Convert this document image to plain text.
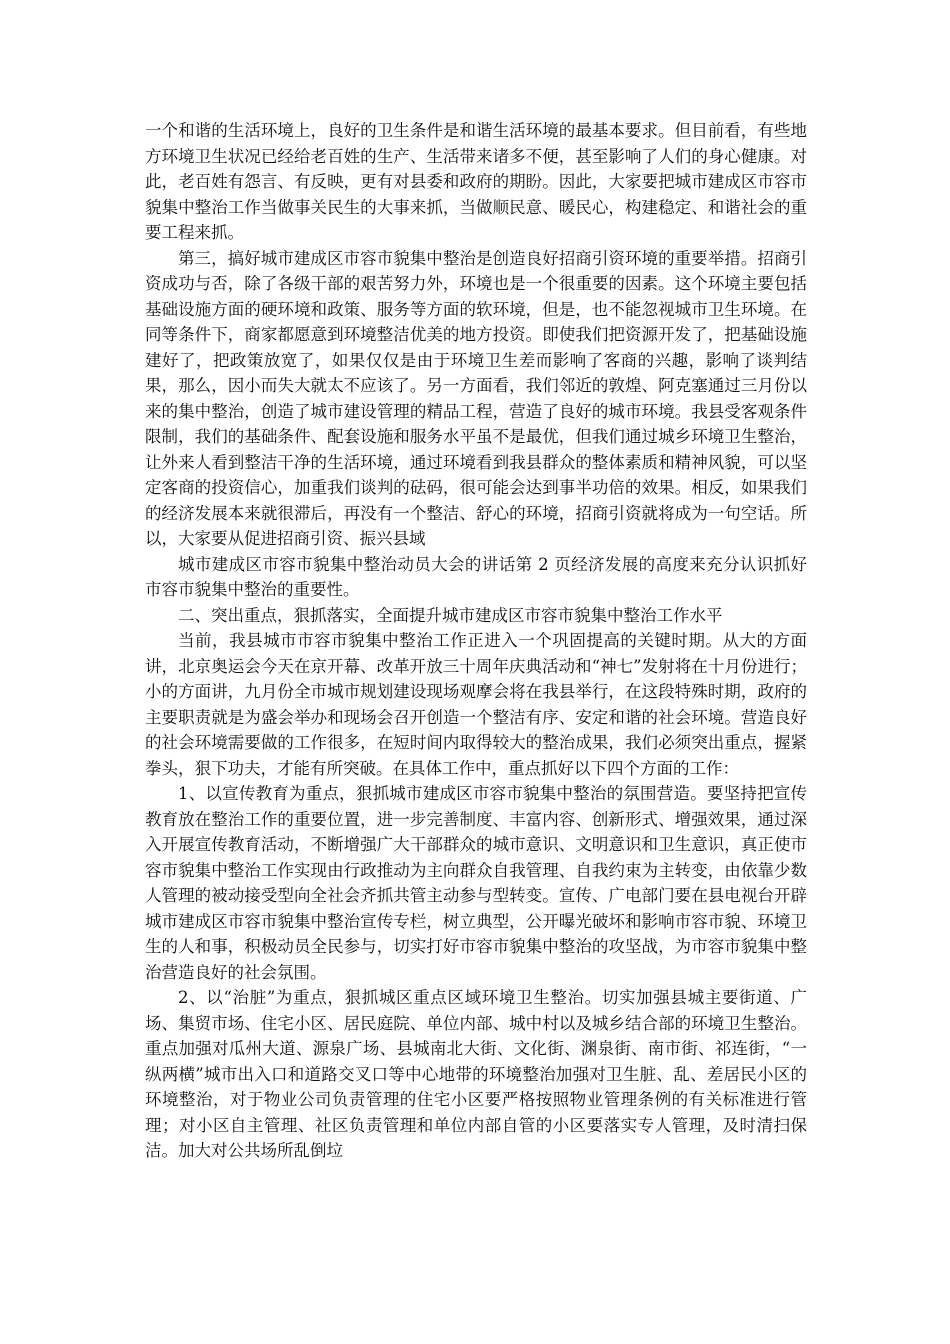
一个和谐的生活环境上，良好的卫生条件是和谐生活环境的最基本要求。但目前看，有些地方环境卫生状况已经给老百姓的生产、生活带来诸多不便，甚至影响了人们的身心健康。对此，老百姓有怨言、有反映，更有对县委和政府的期盼。因此，大家要把城市建成区市容市貌集中整治工作当做事关民生的大事来抓，当做顺民意、暖民心，构建稳定、和谐社会的重要工程来抓。

第三，搞好城市建成区市容市貌集中整治是创造良好招商引资环境的重要举措。招商引资成功与否，除了各级干部的艰苦努力外，环境也是一个很重要的因素。这个环境主要包括基础设施方面的硬环境和政策、服务等方面的软环境，但是，也不能忽视城市卫生环境。在同等条件下，商家都愿意到环境整洁优美的地方投资。即使我们把资源开发了，把基础设施建好了，把政策放宽了，如果仅仅是由于环境卫生差而影响了客商的兴趣，影响了谈判结果，那么，因小而失大就太不应该了。另一方面看，我们邻近的敦煌、阿克塞通过三月份以来的集中整治，创造了城市建设管理的精品工程，营造了良好的城市环境。我县受客观条件限制，我们的基础条件、配套设施和服务水平虽不是最优，但我们通过城乡环境卫生整治，让外来人看到整洁干净的生活环境，通过环境看到我县群众的整体素质和精神风貌，可以坚定客商的投资信心，加重我们谈判的砝码，很可能会达到事半功倍的效果。相反，如果我们的经济发展本来就很滞后，再没有一个整洁、舒心的环境，招商引资就将成为一句空话。所以，大家要从促进招商引资、振兴县域

城市建成区市容市貌集中整治动员大会的讲话第 2 页经济发展的高度来充分认识抓好市容市貌集中整治的重要性。

二、突出重点，狠抓落实，全面提升城市建成区市容市貌集中整治工作水平

当前，我县城市市容市貌集中整治工作正进入一个巩固提高的关键时期。从大的方面讲，北京奥运会今天在京开幕、改革开放三十周年庆典活动和“神七”发射将在十月份进行；小的方面讲，九月份全市城市规划建设现场观摩会将在我县举行，在这段特殊时期，政府的主要职责就是为盛会举办和现场会召开创造一个整洁有序、安定和谐的社会环境。营造良好的社会环境需要做的工作很多，在短时间内取得较大的整治成果，我们必须突出重点，握紧拳头，狠下功夫，才能有所突破。在具体工作中，重点抓好以下四个方面的工作：

1、以宣传教育为重点，狠抓城市建成区市容市貌集中整治的氛围营造。要坚持把宣传教育放在整治工作的重要位置，进一步完善制度、丰富内容、创新形式、增强效果，通过深入开展宣传教育活动，不断增强广大干部群众的城市意识、文明意识和卫生意识，真正使市容市貌集中整治工作实现由行政推动为主向群众自我管理、自我约束为主转变，由依靠少数人管理的被动接受型向全社会齐抓共管主动参与型转变。宣传、广电部门要在县电视台开辟城市建成区市容市貌集中整治宣传专栏，树立典型，公开曝光破坏和影响市容市貌、环境卫生的人和事，积极动员全民参与，切实打好市容市貌集中整治的攻坚战，为市容市貌集中整治营造良好的社会氛围。

2、以“治脏”为重点，狠抓城区重点区域环境卫生整治。切实加强县城主要街道、广场、集贸市场、住宅小区、居民庭院、单位内部、城中村以及城乡结合部的环境卫生整治。重点加强对瓜州大道、源泉广场、县城南北大街、文化街、渊泉街、南市街、祁连街，“一纵两横”城市出入口和道路交叉口等中心地带的环境整治加强对卫生脏、乱、差居民小区的环境整治，对于物业公司负责管理的住宅小区要严格按照物业管理条例的有关标准进行管理；对小区自主管理、社区负责管理和单位内部自管的小区要落实专人管理，及时清扫保洁。加大对公共场所乱倒垃
